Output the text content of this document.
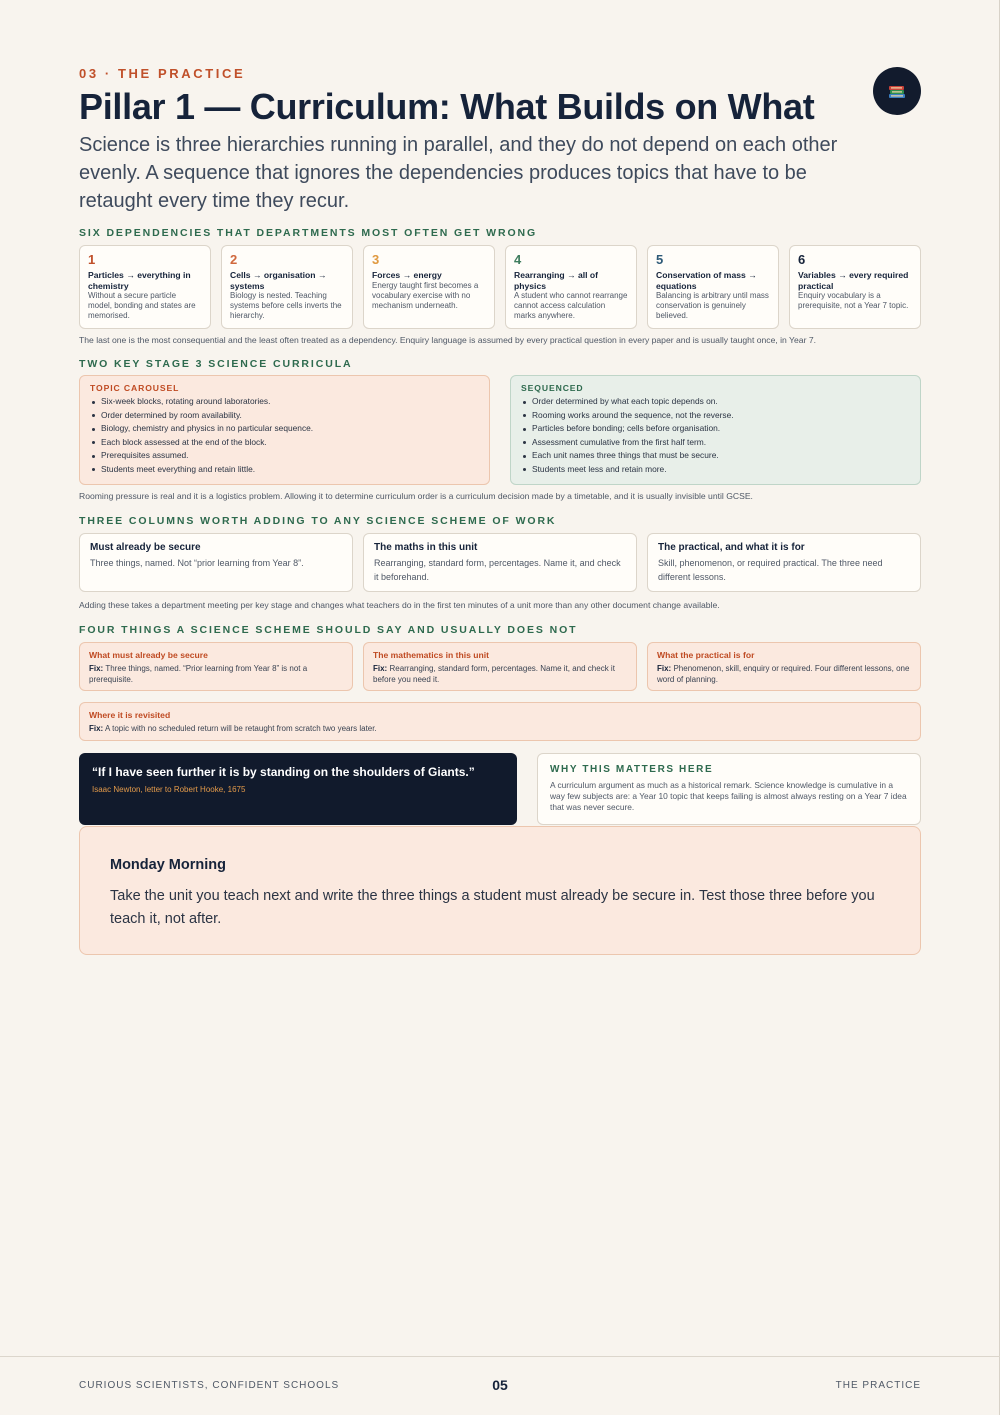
03 · THE PRACTICE
Pillar 1 — Curriculum: What Builds on What

Science is three hierarchies running in parallel, and they do not depend on each other evenly. A sequence that ignores the dependencies produces topics that have to be retaught every time they recur.

SIX DEPENDENCIES THAT DEPARTMENTS MOST OFTEN GET WRONG
1
Particles → everything in chemistry
Without a secure particle model, bonding and states are memorised.
2
Cells → organisation → systems
Biology is nested. Teaching systems before cells inverts the hierarchy.
3
Forces → energy
Energy taught first becomes a vocabulary exercise with no mechanism underneath.
4
Rearranging → all of physics
A student who cannot rearrange cannot access calculation marks anywhere.
5
Conservation of mass → equations
Balancing is arbitrary until mass conservation is genuinely believed.
6
Variables → every required practical
Enquiry vocabulary is a prerequisite, not a Year 7 topic.
The last one is the most consequential and the least often treated as a dependency. Enquiry language is assumed by every practical question in every paper and is usually taught once, in Year 7.
TWO KEY STAGE 3 SCIENCE CURRICULA
TOPIC CAROUSEL
Six-week blocks, rotating around laboratories.
Order determined by room availability.
Biology, chemistry and physics in no particular sequence.
Each block assessed at the end of the block.
Prerequisites assumed.
Students meet everything and retain little.
SEQUENCED
Order determined by what each topic depends on.
Rooming works around the sequence, not the reverse.
Particles before bonding; cells before organisation.
Assessment cumulative from the first half term.
Each unit names three things that must be secure.
Students meet less and retain more.
Rooming pressure is real and it is a logistics problem. Allowing it to determine curriculum order is a curriculum decision made by a timetable, and it is usually invisible until GCSE.
THREE COLUMNS WORTH ADDING TO ANY SCIENCE SCHEME OF WORK
Must already be secure
Three things, named. Not “prior learning from Year 8”.
The maths in this unit
Rearranging, standard form, percentages. Name it, and check it beforehand.
The practical, and what it is for
Skill, phenomenon, or required practical. The three need different lessons.
Adding these takes a department meeting per key stage and changes what teachers do in the first ten minutes of a unit more than any other document change available.
FOUR THINGS A SCIENCE SCHEME SHOULD SAY AND USUALLY DOES NOT
What must already be secure
Fix: Three things, named. “Prior learning from Year 8” is not a prerequisite.
The mathematics in this unit
Fix: Rearranging, standard form, percentages. Name it, and check it before you need it.
What the practical is for
Fix: Phenomenon, skill, enquiry or required. Four different lessons, one word of planning.
Where it is revisited
Fix: A topic with no scheduled return will be retaught from scratch two years later.
“If I have seen further it is by standing on the shoulders of Giants.”
Isaac Newton, letter to Robert Hooke, 1675
WHY THIS MATTERS HERE
A curriculum argument as much as a historical remark. Science knowledge is cumulative in a way few subjects are: a Year 10 topic that keeps failing is almost always resting on a Year 7 idea that was never secure.
Monday Morning
Take the unit you teach next and write the three things a student must already be secure in. Test those three before you teach it, not after.
CURIOUS SCIENTISTS, CONFIDENT SCHOOLS	05	THE PRACTICE
